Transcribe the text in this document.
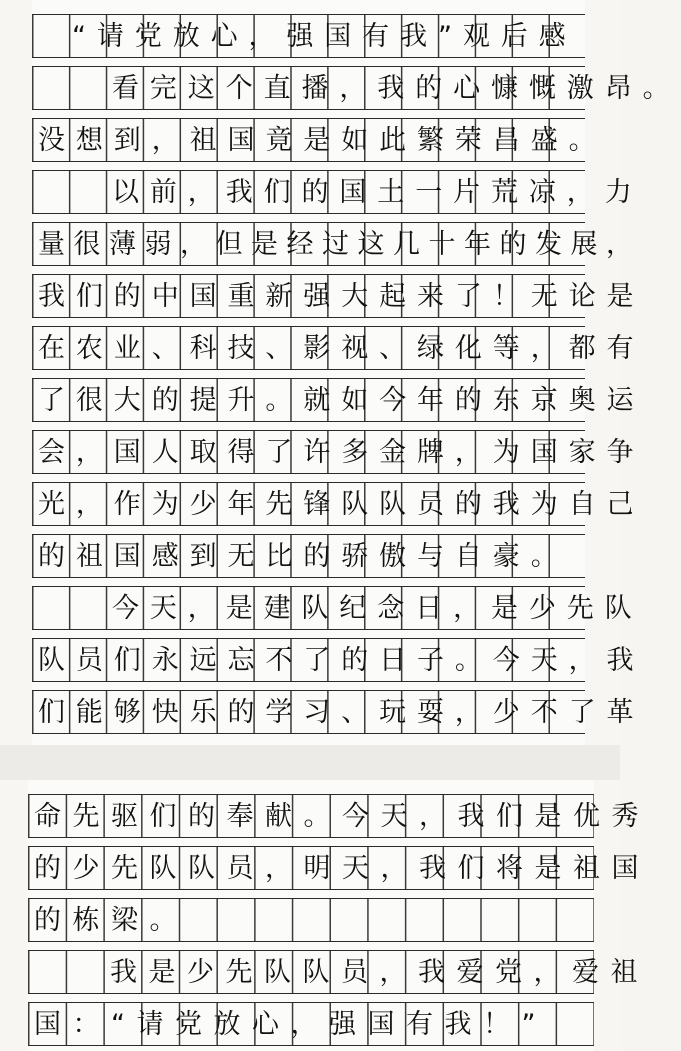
“请党放心，强国有我”观后感
看完这个直播，我的心慷慨激昂。
没想到，祖国竟是如此繁荣昌盛。
以前，我们的国土一片荒凉，力
量很薄弱，但是经过这几十年的发展，
我们的中国重新强大起来了！无论是
在农业、科技、影视、绿化等，都有
了很大的提升。就如今年的东京奥运
会，国人取得了许多金牌，为国家争
光，作为少年先锋队队员的我为自己
的祖国感到无比的骄傲与自豪。
今天，是建队纪念日，是少先队
队员们永远忘不了的日子。今天，我
们能够快乐的学习、玩耍，少不了革
命先驱们的奉献。今天，我们是优秀
的少先队队员，明天，我们将是祖国
的栋梁。
我是少先队队员，我爱党，爱祖
国：“请党放心，强国有我！”
